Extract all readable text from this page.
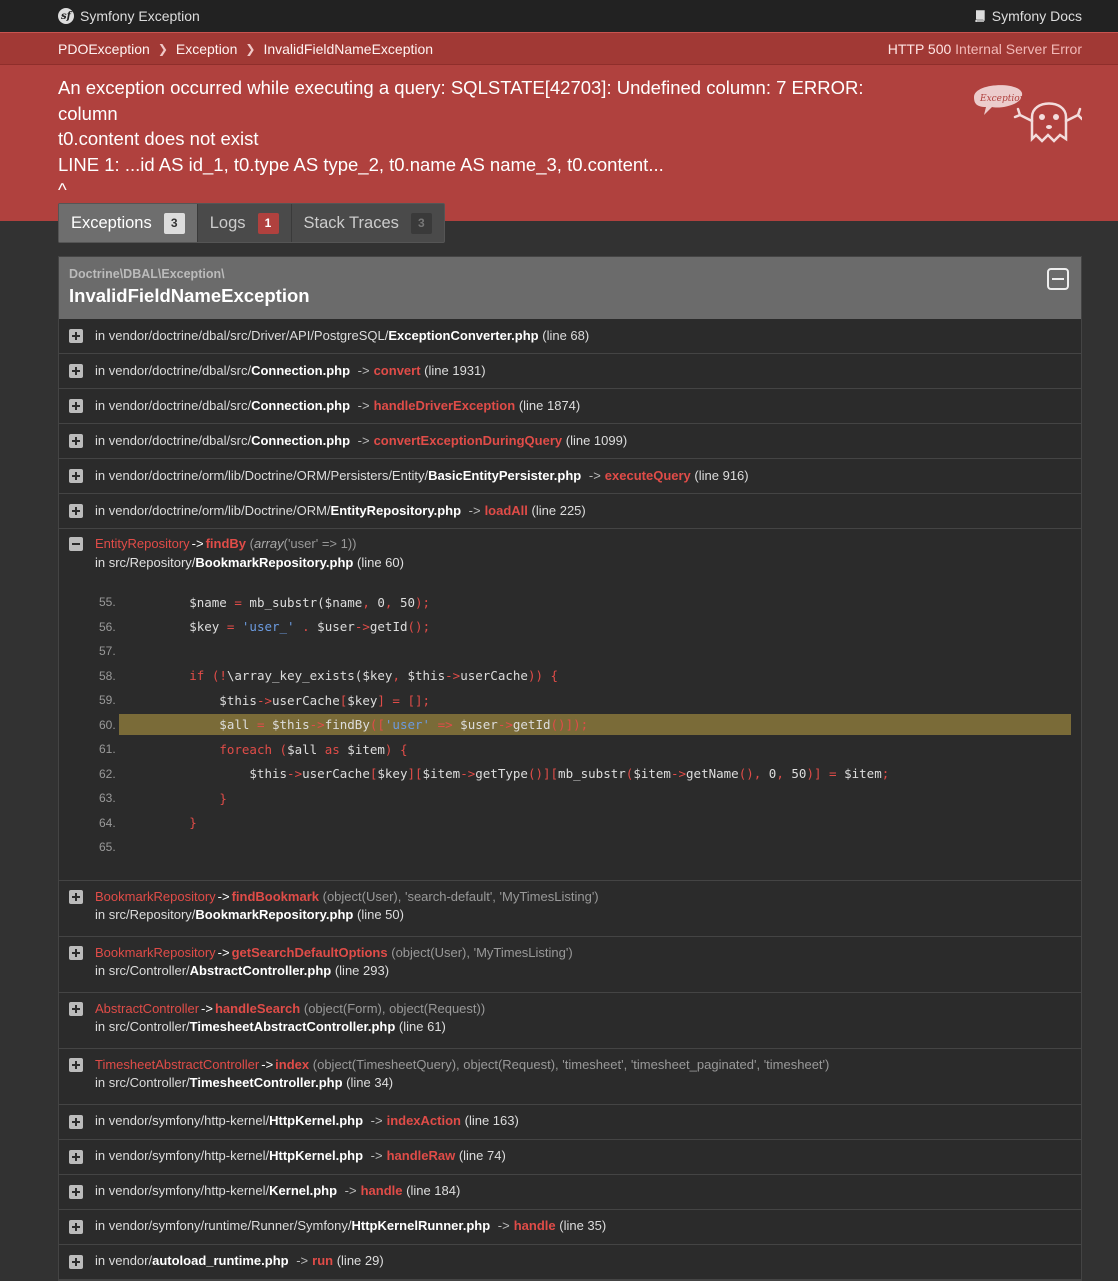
sf Symfony Exception	Symfony Docs
PDOException ❯ Exception ❯ InvalidFieldNameException	HTTP 500 Internal Server Error
An exception occurred while executing a query: SQLSTATE[42703]: Undefined column: 7 ERROR:  column
t0.content does not exist
LINE 1: ...id AS id_1, t0.type AS type_2, t0.name AS name_3, t0.content...
^
Exception!
Exceptions	3	Logs	1	Stack Traces	3
Doctrine\DBAL\Exception\
InvalidFieldNameException
in vendor/doctrine/dbal/src/Driver/API/PostgreSQL/ExceptionConverter.php (line 68)
in vendor/doctrine/dbal/src/Connection.php -> convert (line 1931)
in vendor/doctrine/dbal/src/Connection.php -> handleDriverException (line 1874)
in vendor/doctrine/dbal/src/Connection.php -> convertExceptionDuringQuery (line 1099)
in vendor/doctrine/orm/lib/Doctrine/ORM/Persisters/Entity/BasicEntityPersister.php -> executeQuery (line 916)
in vendor/doctrine/orm/lib/Doctrine/ORM/EntityRepository.php -> loadAll (line 225)
EntityRepository -> findBy (array('user' => 1))
in src/Repository/BookmarkRepository.php (line 60)
55.	$name = mb_substr($name, 0, 50);
56.	$key = 'user_' . $user->getId();
57.
58.	if (!\array_key_exists($key, $this->userCache)) {
59.	$this->userCache[$key] = [];
60.	$all = $this->findBy(['user' => $user->getId()]);
61.	foreach ($all as $item) {
62.	$this->userCache[$key][$item->getType()][mb_substr($item->getName(), 0, 50)] = $item;
63.	}
64.	}
65.
BookmarkRepository -> findBookmark (object(User), 'search-default', 'MyTimesListing')
in src/Repository/BookmarkRepository.php (line 50)
BookmarkRepository -> getSearchDefaultOptions (object(User), 'MyTimesListing')
in src/Controller/AbstractController.php (line 293)
AbstractController -> handleSearch (object(Form), object(Request))
in src/Controller/TimesheetAbstractController.php (line 61)
TimesheetAbstractController -> index (object(TimesheetQuery), object(Request), 'timesheet', 'timesheet_paginated', 'timesheet')
in src/Controller/TimesheetController.php (line 34)
in vendor/symfony/http-kernel/HttpKernel.php -> indexAction (line 163)
in vendor/symfony/http-kernel/HttpKernel.php -> handleRaw (line 74)
in vendor/symfony/http-kernel/Kernel.php -> handle (line 184)
in vendor/symfony/runtime/Runner/Symfony/HttpKernelRunner.php -> handle (line 35)
in vendor/autoload_runtime.php -> run (line 29)
